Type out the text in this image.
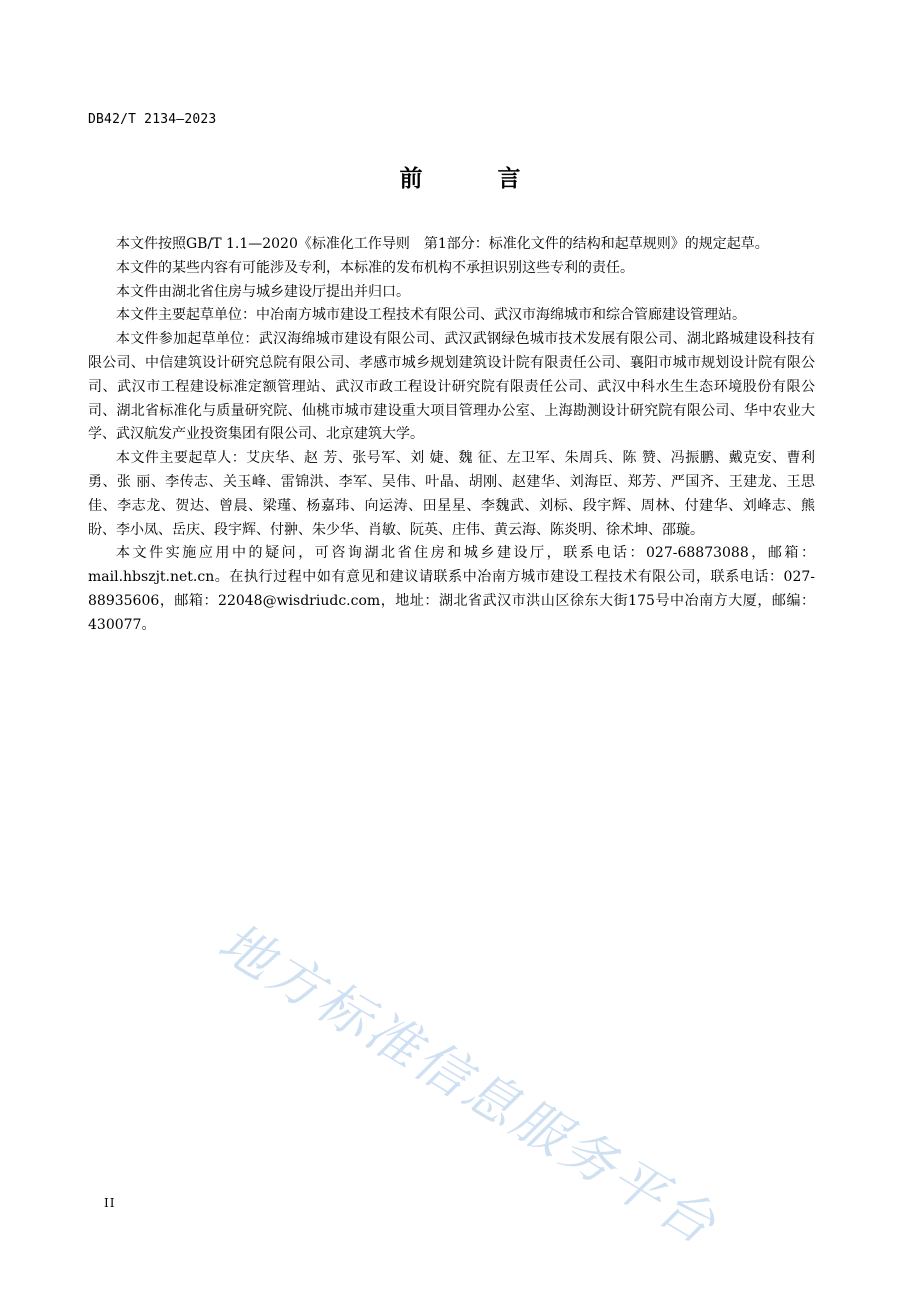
DB42/T 2134—2023
前　言

本文件按照GB/T 1.1—2020《标准化工作导则　第1部分：标准化文件的结构和起草规则》的规定起草。

本文件的某些内容有可能涉及专利，本标准的发布机构不承担识别这些专利的责任。

本文件由湖北省住房与城乡建设厅提出并归口。

本文件主要起草单位：中冶南方城市建设工程技术有限公司、武汉市海绵城市和综合管廊建设管理站。

本文件参加起草单位：武汉海绵城市建设有限公司、武汉武钢绿色城市技术发展有限公司、湖北路城建设科技有限公司、中信建筑设计研究总院有限公司、孝感市城乡规划建筑设计院有限责任公司、襄阳市城市规划设计院有限公司、武汉市工程建设标准定额管理站、武汉市政工程设计研究院有限责任公司、武汉中科水生生态环境股份有限公司、湖北省标准化与质量研究院、仙桃市城市建设重大项目管理办公室、上海勘测设计研究院有限公司、华中农业大学、武汉航发产业投资集团有限公司、北京建筑大学。

本文件主要起草人：艾庆华、赵 芳、张号军、刘 婕、魏 征、左卫军、朱周兵、陈 赞、冯振鹏、戴克安、曹利勇、张 丽、李传志、关玉峰、雷锦洪、李军、吴伟、叶晶、胡刚、赵建华、刘海臣、郑芳、严国齐、王建龙、王思佳、李志龙、贺达、曾晨、梁瑾、杨嘉玮、向运涛、田星星、李魏武、刘标、段宇辉、周林、付建华、刘峰志、熊盼、李小凤、岳庆、段宇辉、付翀、朱少华、肖敏、阮英、庄伟、黄云海、陈炎明、徐术坤、邵璇。

本文件实施应用中的疑问，可咨询湖北省住房和城乡建设厅，联系电话：027-68873088，邮箱：mail.hbszjt.net.cn。在执行过程中如有意见和建议请联系中冶南方城市建设工程技术有限公司，联系电话：027-88935606，邮箱：22048@wisdriudc.com，地址：湖北省武汉市洪山区徐东大街175号中冶南方大厦，邮编：430077。

地方标准信息服务平台
II
